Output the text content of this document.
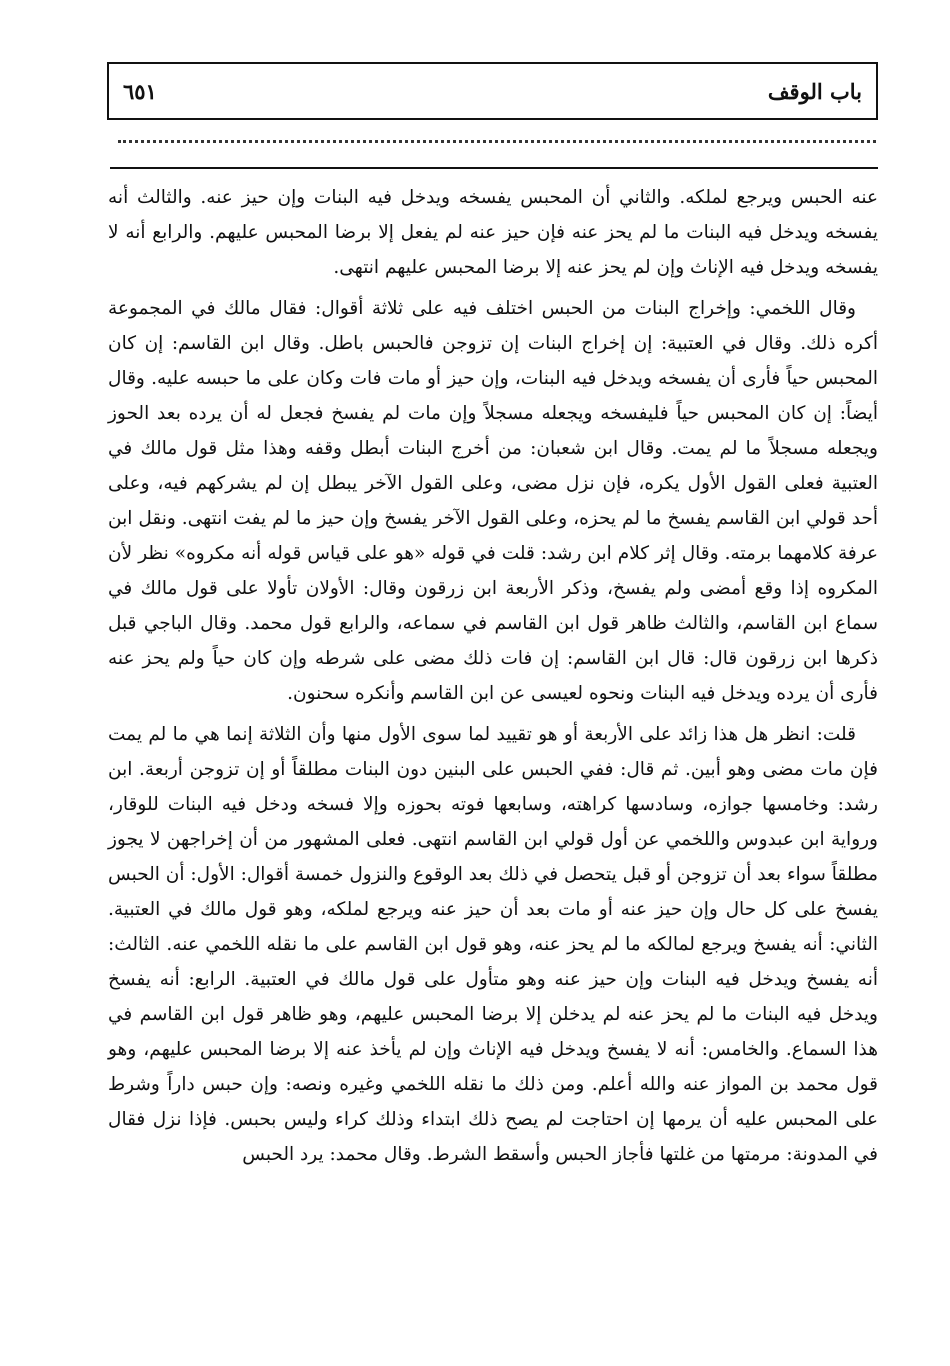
باب الوقف
٦٥١

عنه الحبس ويرجع لملكه. والثاني أن المحبس يفسخه ويدخل فيه البنات وإن حيز عنه. والثالث أنه يفسخه ويدخل فيه البنات ما لم يحز عنه فإن حيز عنه لم يفعل إلا برضا المحبس عليهم. والرابع أنه لا يفسخه ويدخل فيه الإناث وإن لم يحز عنه إلا برضا المحبس عليهم انتهى.

وقال اللخمي: وإخراج البنات من الحبس اختلف فيه على ثلاثة أقوال: فقال مالك في المجموعة أكره ذلك. وقال في العتبية: إن إخراج البنات إن تزوجن فالحبس باطل. وقال ابن القاسم: إن كان المحبس حياً فأرى أن يفسخه ويدخل فيه البنات، وإن حيز أو مات فات وكان على ما حبسه عليه. وقال أيضاً: إن كان المحبس حياً فليفسخه ويجعله مسجلاً وإن مات لم يفسخ فجعل له أن يرده بعد الحوز ويجعله مسجلاً ما لم يمت. وقال ابن شعبان: من أخرج البنات أبطل وقفه وهذا مثل قول مالك في العتبية فعلى القول الأول يكره، فإن نزل مضى، وعلى القول الآخر يبطل إن لم يشركهم فيه، وعلى أحد قولي ابن القاسم يفسخ ما لم يحزه، وعلى القول الآخر يفسخ وإن حيز ما لم يفت انتهى. ونقل ابن عرفة كلامهما برمته. وقال إثر كلام ابن رشد: قلت في قوله «هو على قياس قوله أنه مكروه» نظر لأن المكروه إذا وقع أمضى ولم يفسخ، وذكر الأربعة ابن زرقون وقال: الأولان تأولا على قول مالك في سماع ابن القاسم، والثالث ظاهر قول ابن القاسم في سماعه، والرابع قول محمد. وقال الباجي قبل ذكرها ابن زرقون قال: قال ابن القاسم: إن فات ذلك مضى على شرطه وإن كان حياً ولم يحز عنه فأرى أن يرده ويدخل فيه البنات ونحوه لعيسى عن ابن القاسم وأنكره سحنون.

قلت: انظر هل هذا زائد على الأربعة أو هو تقييد لما سوى الأول منها وأن الثلاثة إنما هي ما لم يمت فإن مات مضى وهو أبين. ثم قال: ففي الحبس على البنين دون البنات مطلقاً أو إن تزوجن أربعة. ابن رشد: وخامسها جوازه، وسادسها كراهته، وسابعها فوته بحوزه وإلا فسخه ودخل فيه البنات للوقار، ورواية ابن عبدوس واللخمي عن أول قولي ابن القاسم انتهى. فعلى المشهور من أن إخراجهن لا يجوز مطلقاً سواء بعد أن تزوجن أو قبل يتحصل في ذلك بعد الوقوع والنزول خمسة أقوال: الأول: أن الحبس يفسخ على كل حال وإن حيز عنه أو مات بعد أن حيز عنه ويرجع لملكه، وهو قول مالك في العتبية. الثاني: أنه يفسخ ويرجع لمالكه ما لم يحز عنه، وهو قول ابن القاسم على ما نقله اللخمي عنه. الثالث: أنه يفسخ ويدخل فيه البنات وإن حيز عنه وهو متأول على قول مالك في العتبية. الرابع: أنه يفسخ ويدخل فيه البنات ما لم يحز عنه لم يدخلن إلا برضا المحبس عليهم، وهو ظاهر قول ابن القاسم في هذا السماع. والخامس: أنه لا يفسخ ويدخل فيه الإناث وإن لم يأخذ عنه إلا برضا المحبس عليهم، وهو قول محمد بن المواز عنه والله أعلم. ومن ذلك ما نقله اللخمي وغيره ونصه: وإن حبس داراً وشرط على المحبس عليه أن يرمها إن احتاجت لم يصح ذلك ابتداء وذلك كراء وليس بحبس. فإذا نزل فقال في المدونة: مرمتها من غلتها فأجاز الحبس وأسقط الشرط. وقال محمد: يرد الحبس
